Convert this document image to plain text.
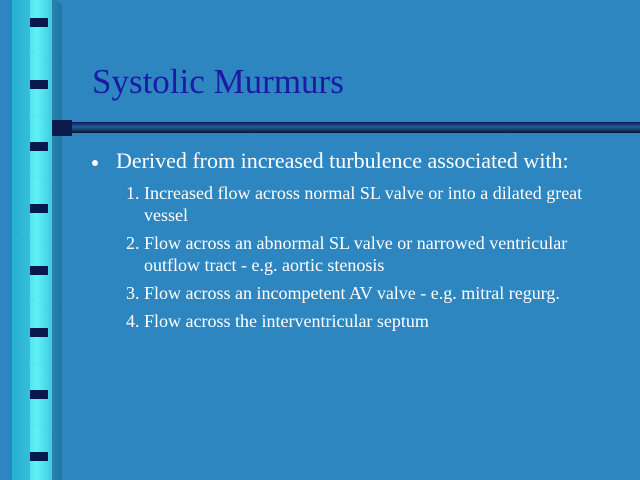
Systolic Murmurs
Derived from increased turbulence associated with:
1. Increased flow across normal SL valve or into a dilated great vessel
2. Flow across an abnormal SL valve or narrowed ventricular outflow tract - e.g. aortic stenosis
3. Flow across an incompetent AV valve - e.g. mitral regurg.
4. Flow across the interventricular septum
